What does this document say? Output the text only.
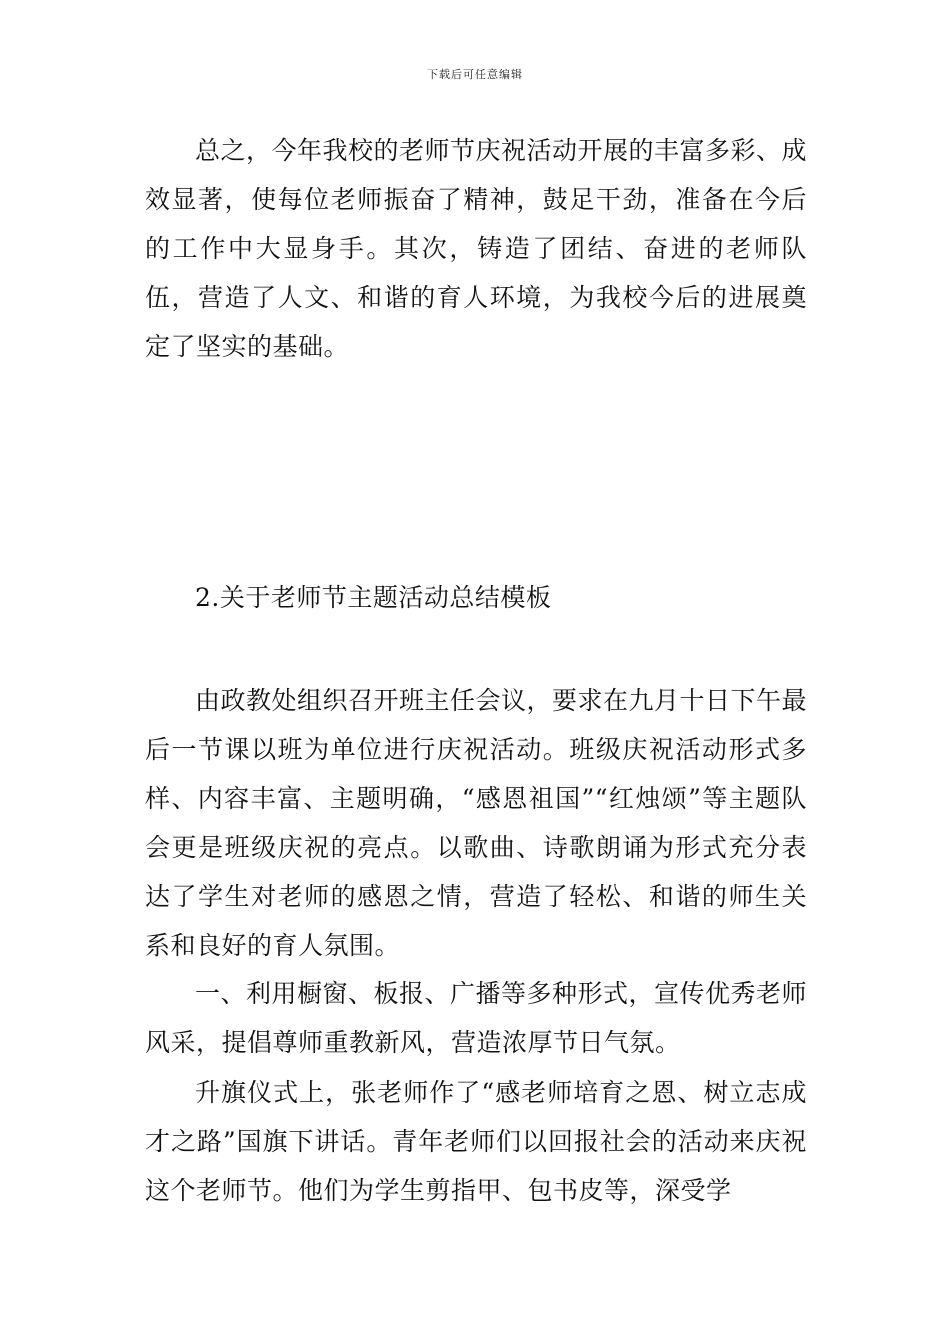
下载后可任意编辑

总之，今年我校的老师节庆祝活动开展的丰富多彩、成效显著，使每位老师振奋了精神，鼓足干劲，准备在今后的工作中大显身手。其次，铸造了团结、奋进的老师队伍，营造了人文、和谐的育人环境，为我校今后的进展奠定了坚实的基础。

2.关于老师节主题活动总结模板

由政教处组织召开班主任会议，要求在九月十日下午最后一节课以班为单位进行庆祝活动。班级庆祝活动形式多样、内容丰富、主题明确，“感恩祖国”“红烛颂”等主题队会更是班级庆祝的亮点。以歌曲、诗歌朗诵为形式充分表达了学生对老师的感恩之情，营造了轻松、和谐的师生关系和良好的育人氛围。

一、利用橱窗、板报、广播等多种形式，宣传优秀老师风采，提倡尊师重教新风，营造浓厚节日气氛。

升旗仪式上，张老师作了“感老师培育之恩、树立志成才之路”国旗下讲话。青年老师们以回报社会的活动来庆祝这个老师节。他们为学生剪指甲、包书皮等，深受学
